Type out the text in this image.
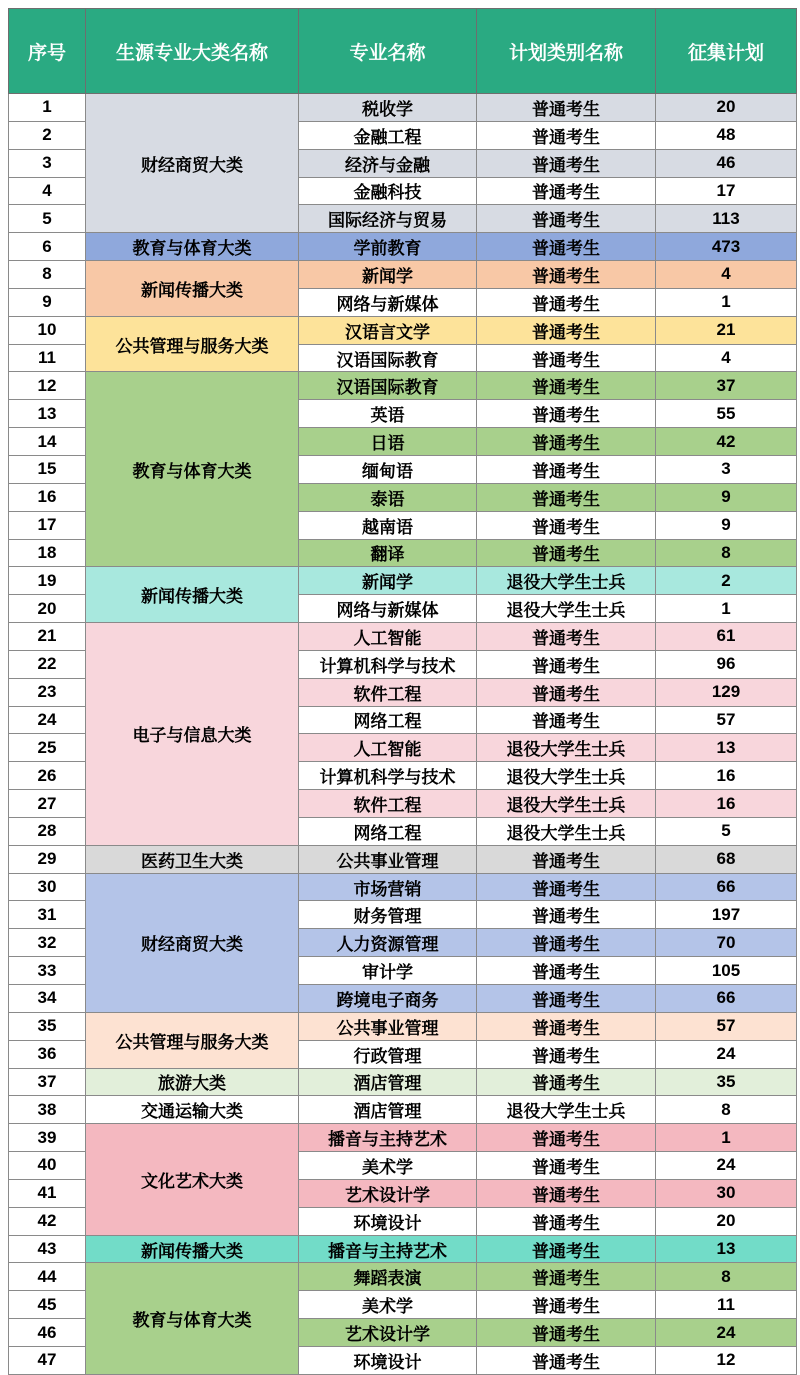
序号	生源专业大类名称	专业名称	计划类别名称	征集计划
1	财经商贸大类	税收学	普通考生	20
2		金融工程	普通考生	48
3		经济与金融	普通考生	46
4		金融科技	普通考生	17
5		国际经济与贸易	普通考生	113
6	教育与体育大类	学前教育	普通考生	473
8	新闻传播大类	新闻学	普通考生	4
9		网络与新媒体	普通考生	1
10	公共管理与服务大类	汉语言文学	普通考生	21
11		汉语国际教育	普通考生	4
12	教育与体育大类	汉语国际教育	普通考生	37
13		英语	普通考生	55
14		日语	普通考生	42
15		缅甸语	普通考生	3
16		泰语	普通考生	9
17		越南语	普通考生	9
18		翻译	普通考生	8
19	新闻传播大类	新闻学	退役大学生士兵	2
20		网络与新媒体	退役大学生士兵	1
21	电子与信息大类	人工智能	普通考生	61
22		计算机科学与技术	普通考生	96
23		软件工程	普通考生	129
24		网络工程	普通考生	57
25		人工智能	退役大学生士兵	13
26		计算机科学与技术	退役大学生士兵	16
27		软件工程	退役大学生士兵	16
28		网络工程	退役大学生士兵	5
29	医药卫生大类	公共事业管理	普通考生	68
30	财经商贸大类	市场营销	普通考生	66
31		财务管理	普通考生	197
32		人力资源管理	普通考生	70
33		审计学	普通考生	105
34		跨境电子商务	普通考生	66
35	公共管理与服务大类	公共事业管理	普通考生	57
36		行政管理	普通考生	24
37	旅游大类	酒店管理	普通考生	35
38	交通运输大类	酒店管理	退役大学生士兵	8
39	文化艺术大类	播音与主持艺术	普通考生	1
40		美术学	普通考生	24
41		艺术设计学	普通考生	30
42		环境设计	普通考生	20
43	新闻传播大类	播音与主持艺术	普通考生	13
44	教育与体育大类	舞蹈表演	普通考生	8
45		美术学	普通考生	11
46		艺术设计学	普通考生	24
47		环境设计	普通考生	12
